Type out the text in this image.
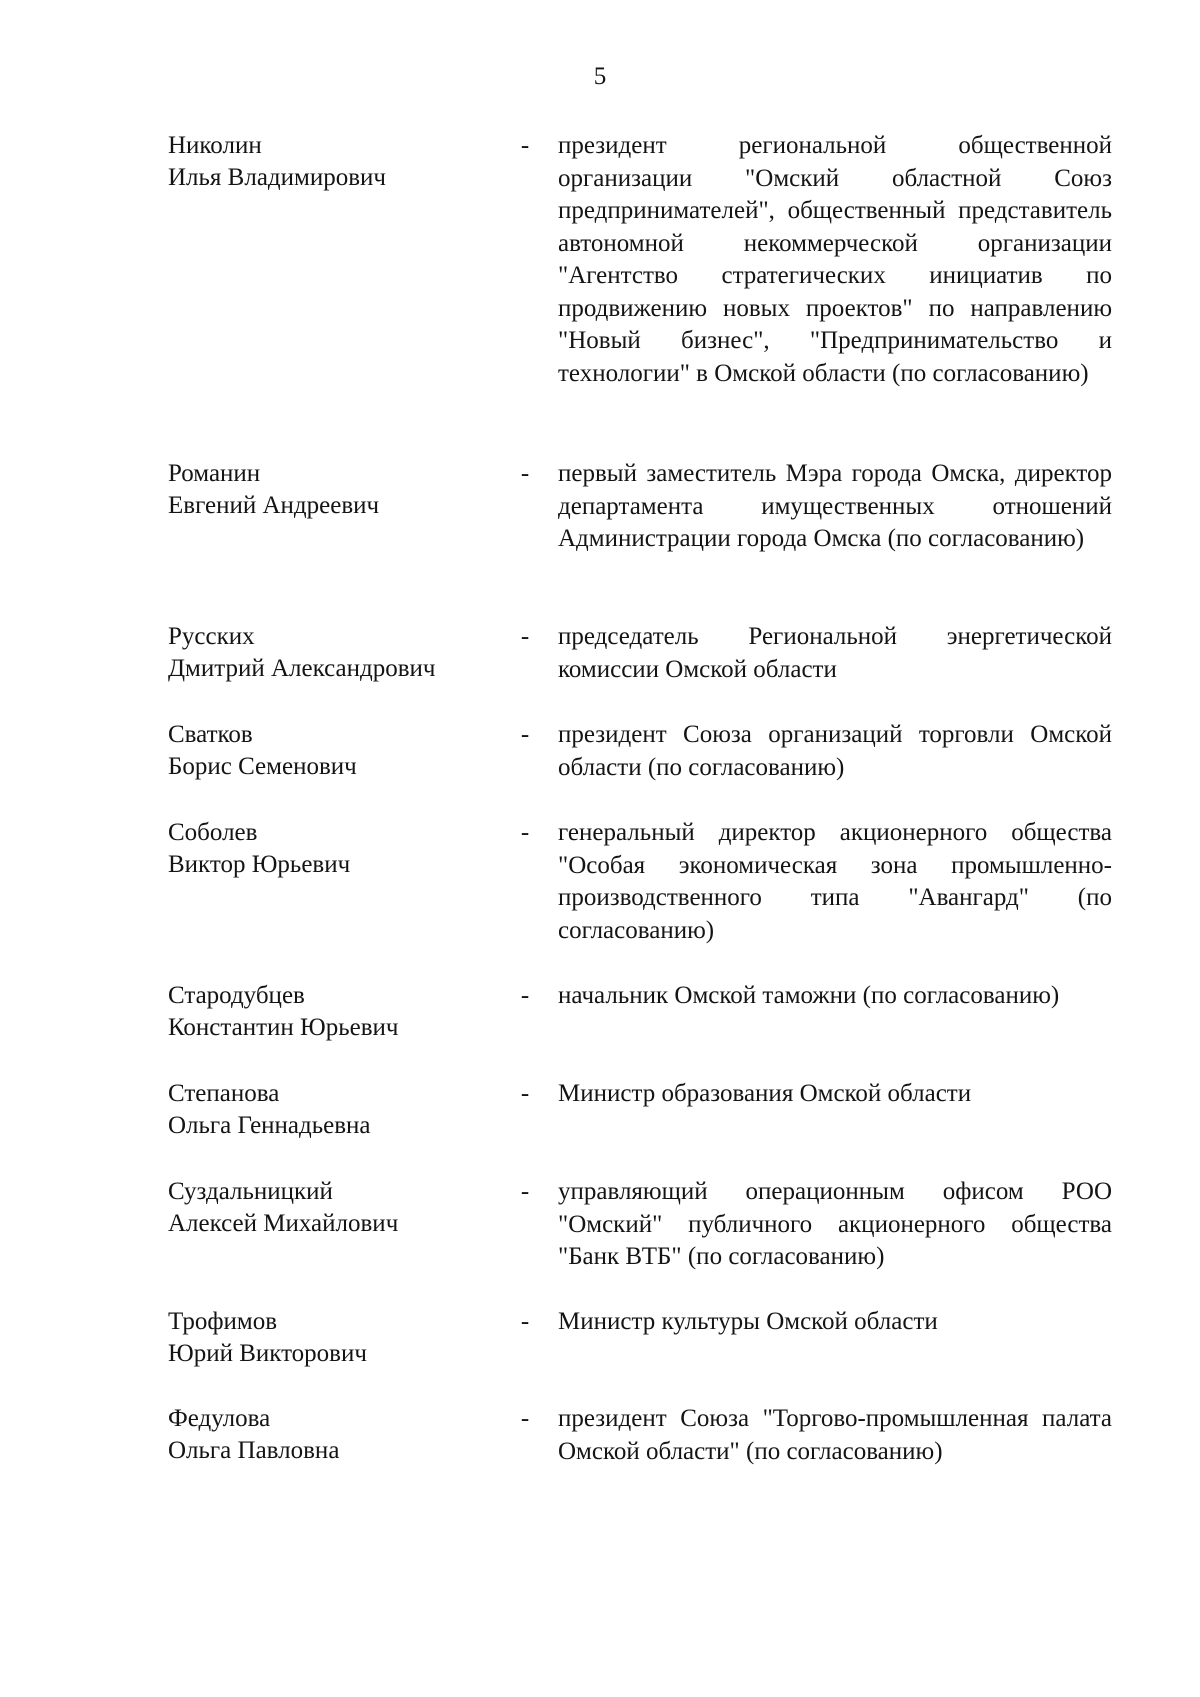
5
Николин
Илья Владимирович
- президент региональной общественной организации "Омский областной Союз предпринимателей", общественный представитель автономной некоммерческой организации "Агентство стратегических инициатив по продвижению новых проектов" по направлению "Новый бизнес", "Предпринимательство и технологии" в Омской области (по согласованию)
Романин
Евгений Андреевич
- первый заместитель Мэра города Омска, директор департамента имущественных отношений Администрации города Омска (по согласованию)
Русских
Дмитрий Александрович
- председатель Региональной энергетической комиссии Омской области
Сватков
Борис Семенович
- президент Союза организаций торговли Омской области (по согласованию)
Соболев
Виктор Юрьевич
- генеральный директор акционерного общества "Особая экономическая зона промышленно-производственного типа "Авангард" (по согласованию)
Стародубцев
Константин Юрьевич
- начальник Омской таможни (по согласованию)
Степанова
Ольга Геннадьевна
- Министр образования Омской области
Суздальницкий
Алексей Михайлович
- управляющий операционным офисом РОО "Омский" публичного акционерного общества "Банк ВТБ" (по согласованию)
Трофимов
Юрий Викторович
- Министр культуры Омской области
Федулова
Ольга Павловна
- президент Союза "Торгово-промышленная палата Омской области" (по согласованию)
